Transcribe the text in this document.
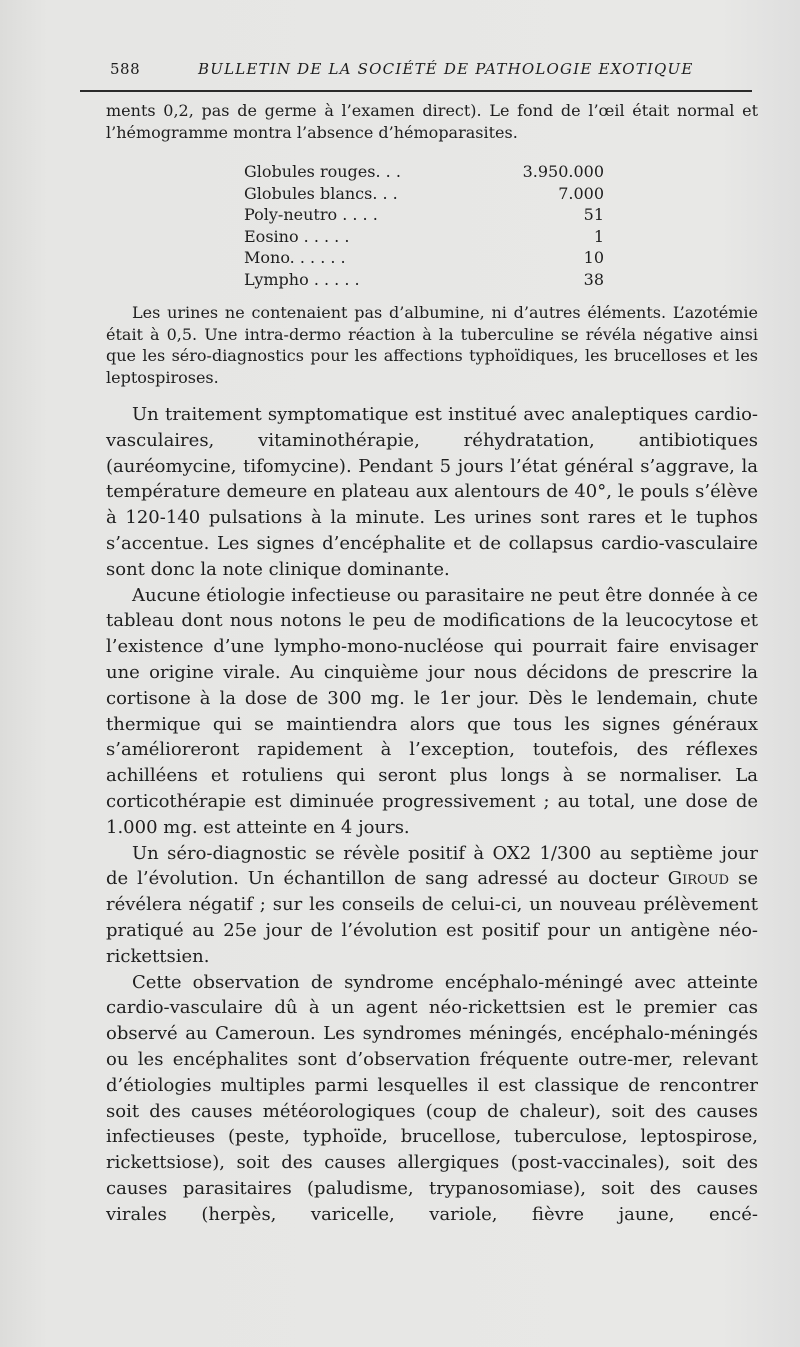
588	BULLETIN DE LA SOCIÉTÉ DE PATHOLOGIE EXOTIQUE

ments 0,2, pas de germe à l’examen direct). Le fond de l’œil était normal et l’hémogramme montra l’absence d’hémoparasites.

Globules rouges. . .	3.950.000
Globules blancs. . .	7.000
Poly-neutro . . . .	51
Eosino . . . . .	1
Mono. . . . . .	10
Lympho . . . . .	38

Les urines ne contenaient pas d’albumine, ni d’autres éléments. L’azotémie était à 0,5. Une intra-dermo réaction à la tuberculine se révéla négative ainsi que les séro-diagnostics pour les affections typhoïdiques, les brucelloses et les leptospiroses.

Un traitement symptomatique est institué avec analeptiques cardio-vasculaires, vitaminothérapie, réhydratation, antibiotiques (auréomycine, tifomycine). Pendant 5 jours l’état général s’aggrave, la température demeure en plateau aux alentours de 40°, le pouls s’élève à 120-140 pulsations à la minute. Les urines sont rares et le tuphos s’accentue. Les signes d’encéphalite et de collapsus cardio-vasculaire sont donc la note clinique dominante.

Aucune étiologie infectieuse ou parasitaire ne peut être donnée à ce tableau dont nous notons le peu de modifications de la leucocytose et l’existence d’une lympho-mono-nucléose qui pourrait faire envisager une origine virale. Au cinquième jour nous décidons de prescrire la cortisone à la dose de 300 mg. le 1er jour. Dès le lendemain, chute thermique qui se maintiendra alors que tous les signes généraux s’amélioreront rapidement à l’exception, toutefois, des réflexes achilléens et rotuliens qui seront plus longs à se normaliser. La corticothérapie est diminuée progressivement ; au total, une dose de 1.000 mg. est atteinte en 4 jours.

Un séro-diagnostic se révèle positif à OX2 1/300 au septième jour de l’évolution. Un échantillon de sang adressé au docteur Giroud se révélera négatif ; sur les conseils de celui-ci, un nouveau prélèvement pratiqué au 25e jour de l’évolution est positif pour un antigène néo-rickettsien.

Cette observation de syndrome encéphalo-méningé avec atteinte cardio-vasculaire dû à un agent néo-rickettsien est le premier cas observé au Cameroun. Les syndromes méningés, encéphalo-méningés ou les encéphalites sont d’observation fréquente outre-mer, relevant d’étiologies multiples parmi lesquelles il est classique de rencontrer soit des causes météorologiques (coup de chaleur), soit des causes infectieuses (peste, typhoïde, brucellose, tuberculose, leptospirose, rickettsiose), soit des causes allergiques (post-vaccinales), soit des causes parasitaires (paludisme, trypanosomiase), soit des causes virales (herpès, varicelle, variole, fièvre jaune, encé-
